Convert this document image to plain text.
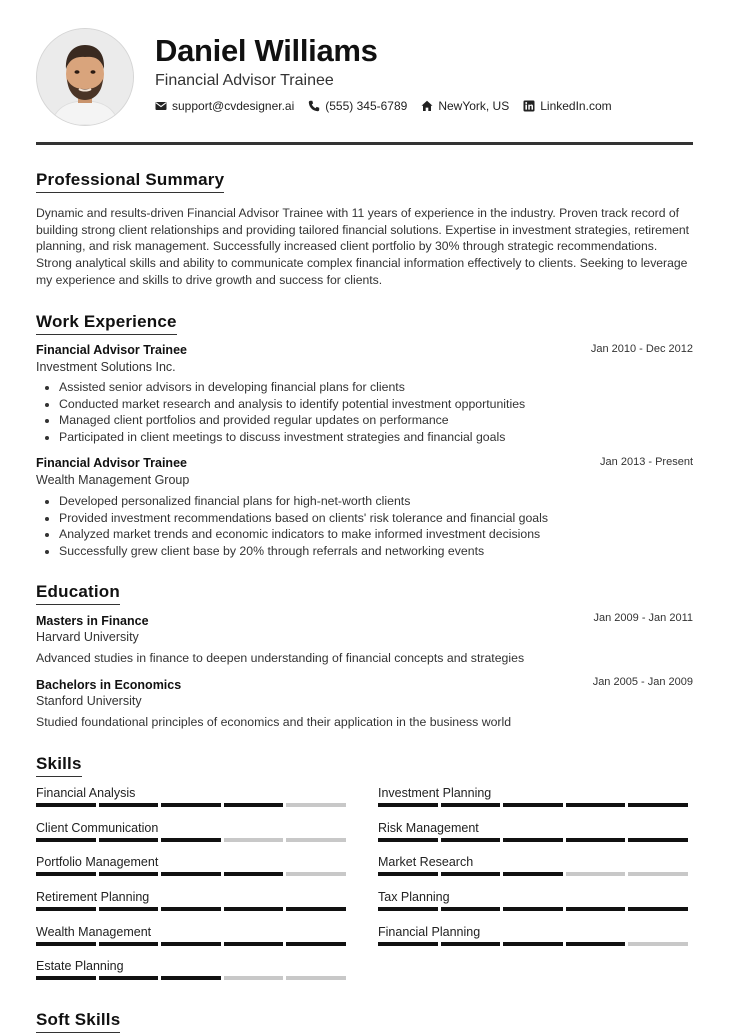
Daniel Williams
Financial Advisor Trainee
support@cvdesigner.ai	(555) 345-6789	NewYork, US	LinkedIn.com
Professional Summary
Dynamic and results-driven Financial Advisor Trainee with 11 years of experience in the industry. Proven track record of building strong client relationships and providing tailored financial solutions. Expertise in investment strategies, retirement planning, and risk management. Successfully increased client portfolio by 30% through strategic recommendations. Strong analytical skills and ability to communicate complex financial information effectively to clients. Seeking to leverage my experience and skills to drive growth and success for clients.
Work Experience
Financial Advisor Trainee	Jan 2010 - Dec 2012
Investment Solutions Inc.
• Assisted senior advisors in developing financial plans for clients
• Conducted market research and analysis to identify potential investment opportunities
• Managed client portfolios and provided regular updates on performance
• Participated in client meetings to discuss investment strategies and financial goals
Financial Advisor Trainee	Jan 2013 - Present
Wealth Management Group
• Developed personalized financial plans for high-net-worth clients
• Provided investment recommendations based on clients' risk tolerance and financial goals
• Analyzed market trends and economic indicators to make informed investment decisions
• Successfully grew client base by 20% through referrals and networking events
Education
Masters in Finance	Jan 2009 - Jan 2011
Harvard University
Advanced studies in finance to deepen understanding of financial concepts and strategies
Bachelors in Economics	Jan 2005 - Jan 2009
Stanford University
Studied foundational principles of economics and their application in the business world
Skills
Financial Analysis	Investment Planning
Client Communication	Risk Management
Portfolio Management	Market Research
Retirement Planning	Tax Planning
Wealth Management	Financial Planning
Estate Planning
Soft Skills
